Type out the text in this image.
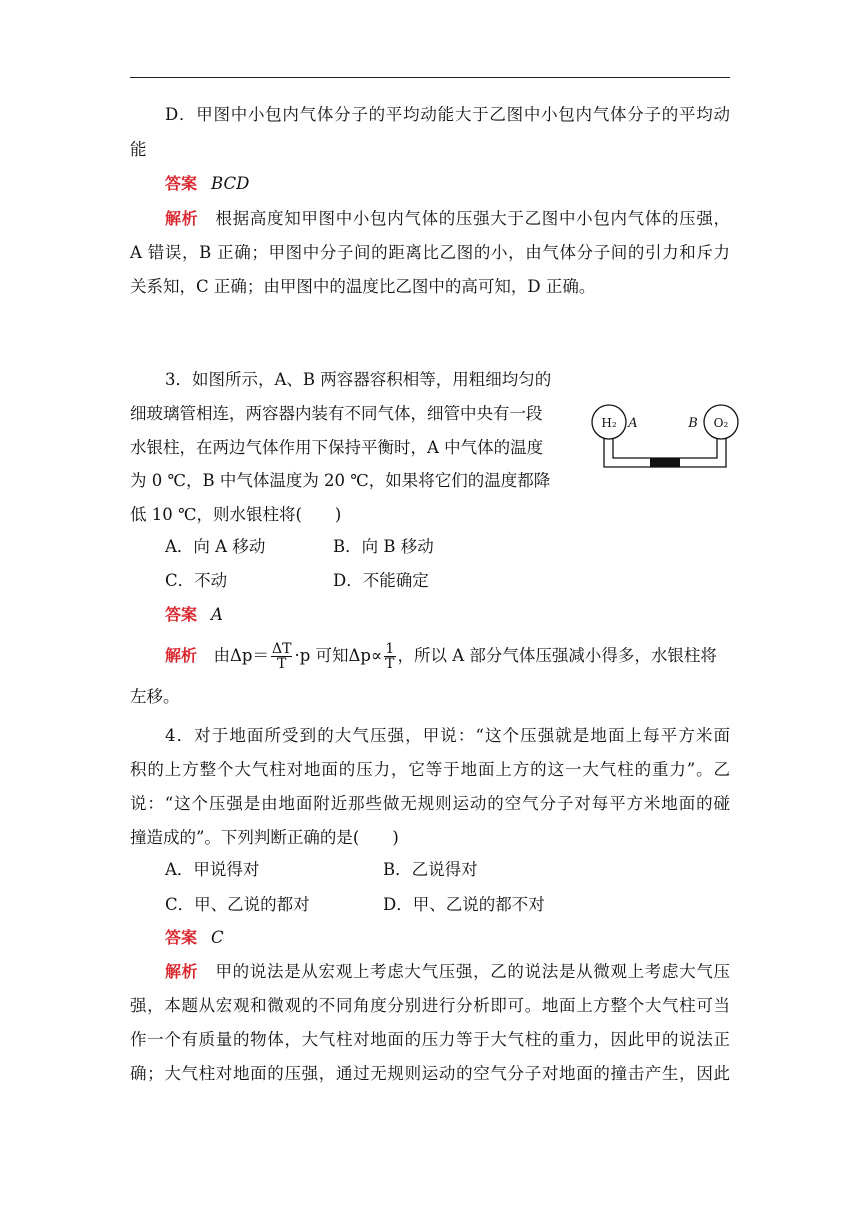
D．甲图中小包内气体分子的平均动能大于乙图中小包内气体分子的平均动
能
答案 BCD
解析　 根据高度知甲图中小包内气体的压强大于乙图中小包内气体的压强，
A 错误，B 正确；甲图中分子间的距离比乙图的小，由气体分子间的引力和斥力
关系知，C 正确；由甲图中的温度比乙图中的高可知，D 正确。
3．如图所示，A、B 两容器容积相等，用粗细均匀的
细玻璃管相连，两容器内装有不同气体，细管中央有一段
水银柱，在两边气体作用下保持平衡时，A 中气体的温度
为 0 ℃，B 中气体温度为 20 ℃，如果将它们的温度都降
低 10 ℃，则水银柱将(　　)
H₂ A	B O₂
A．向 A 移动	B．向 B 移动
C．不动	D．不能确定
答案 A
解析　 由$\Delta p= \frac{\Delta T}{T} \cdot p$ 可知$\Delta p\propto \frac{1}{T}$ ，所以 A 部分气体压强减小得多，水银柱将
左移。
4．对于地面所受到的大气压强，甲说：“这个压强就是地面上每平方米面
积的上方整个大气柱对地面的压力，它等于地面上方的这一大气柱的重力”。乙
说：“这个压强是由地面附近那些做无规则运动的空气分子对每平方米地面的碰
撞造成的”。下列判断正确的是(　　)
A．甲说得对	B．乙说得对
C．甲、乙说的都对	D．甲、乙说的都不对
答案 C
解析　 甲的说法是从宏观上考虑大气压强，乙的说法是从微观上考虑大气压
强，本题从宏观和微观的不同角度分别进行分析即可。地面上方整个大气柱可当
作一个有质量的物体，大气柱对地面的压力等于大气柱的重力，因此甲的说法正
确；大气柱对地面的压强，通过无规则运动的空气分子对地面的撞击产生，因此
